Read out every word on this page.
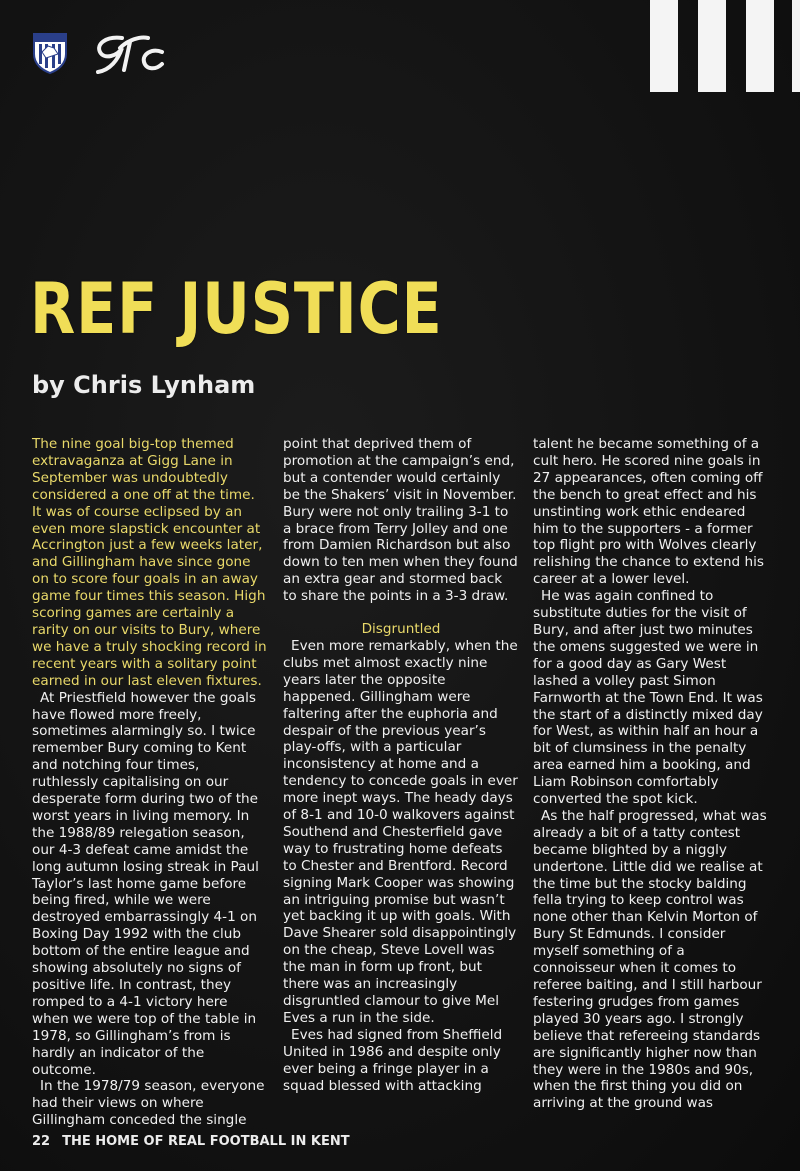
REF JUSTICE
by Chris Lynham

The nine goal big-top themed extravaganza at Gigg Lane in September was undoubtedly considered a one off at the time. It was of course eclipsed by an even more slapstick encounter at Accrington just a few weeks later, and Gillingham have since gone on to score four goals in an away game four times this season. High scoring games are certainly a rarity on our visits to Bury, where we have a truly shocking record in recent years with a solitary point earned in our last eleven fixtures.

At Priestfield however the goals have flowed more freely, sometimes alarmingly so. I twice remember Bury coming to Kent and notching four times, ruthlessly capitalising on our desperate form during two of the worst years in living memory. In the 1988/89 relegation season, our 4-3 defeat came amidst the long autumn losing streak in Paul Taylor’s last home game before being fired, while we were destroyed embarrassingly 4-1 on Boxing Day 1992 with the club bottom of the entire league and showing absolutely no signs of positive life. In contrast, they romped to a 4-1 victory here when we were top of the table in 1978, so Gillingham’s from is hardly an indicator of the outcome.

In the 1978/79 season, everyone had their views on where Gillingham conceded the single

point that deprived them of promotion at the campaign’s end, but a contender would certainly be the Shakers’ visit in November. Bury were not only trailing 3-1 to a brace from Terry Jolley and one from Damien Richardson but also down to ten men when they found an extra gear and stormed back to share the points in a 3-3 draw.

Disgruntled

Even more remarkably, when the clubs met almost exactly nine years later the opposite happened. Gillingham were faltering after the euphoria and despair of the previous year’s play-offs, with a particular inconsistency at home and a tendency to concede goals in ever more inept ways. The heady days of 8-1 and 10-0 walkovers against Southend and Chesterfield gave way to frustrating home defeats to Chester and Brentford. Record signing Mark Cooper was showing an intriguing promise but wasn’t yet backing it up with goals. With Dave Shearer sold disappointingly on the cheap, Steve Lovell was the man in form up front, but there was an increasingly disgruntled clamour to give Mel Eves a run in the side.

Eves had signed from Sheffield United in 1986 and despite only ever being a fringe player in a squad blessed with attacking

talent he became something of a cult hero. He scored nine goals in 27 appearances, often coming off the bench to great effect and his unstinting work ethic endeared him to the supporters - a former top flight pro with Wolves clearly relishing the chance to extend his career at a lower level.

He was again confined to substitute duties for the visit of Bury, and after just two minutes the omens suggested we were in for a good day as Gary West lashed a volley past Simon Farnworth at the Town End. It was the start of a distinctly mixed day for West, as within half an hour a bit of clumsiness in the penalty area earned him a booking, and Liam Robinson comfortably converted the spot kick.

As the half progressed, what was already a bit of a tatty contest became blighted by a niggly undertone. Little did we realise at the time but the stocky balding fella trying to keep control was none other than Kelvin Morton of Bury St Edmunds. I consider myself something of a connoisseur when it comes to referee baiting, and I still harbour festering grudges from games played 30 years ago. I strongly believe that refereeing standards are significantly higher now than they were in the 1980s and 90s, when the first thing you did on arriving at the ground was

22 THE HOME OF REAL FOOTBALL IN KENT
